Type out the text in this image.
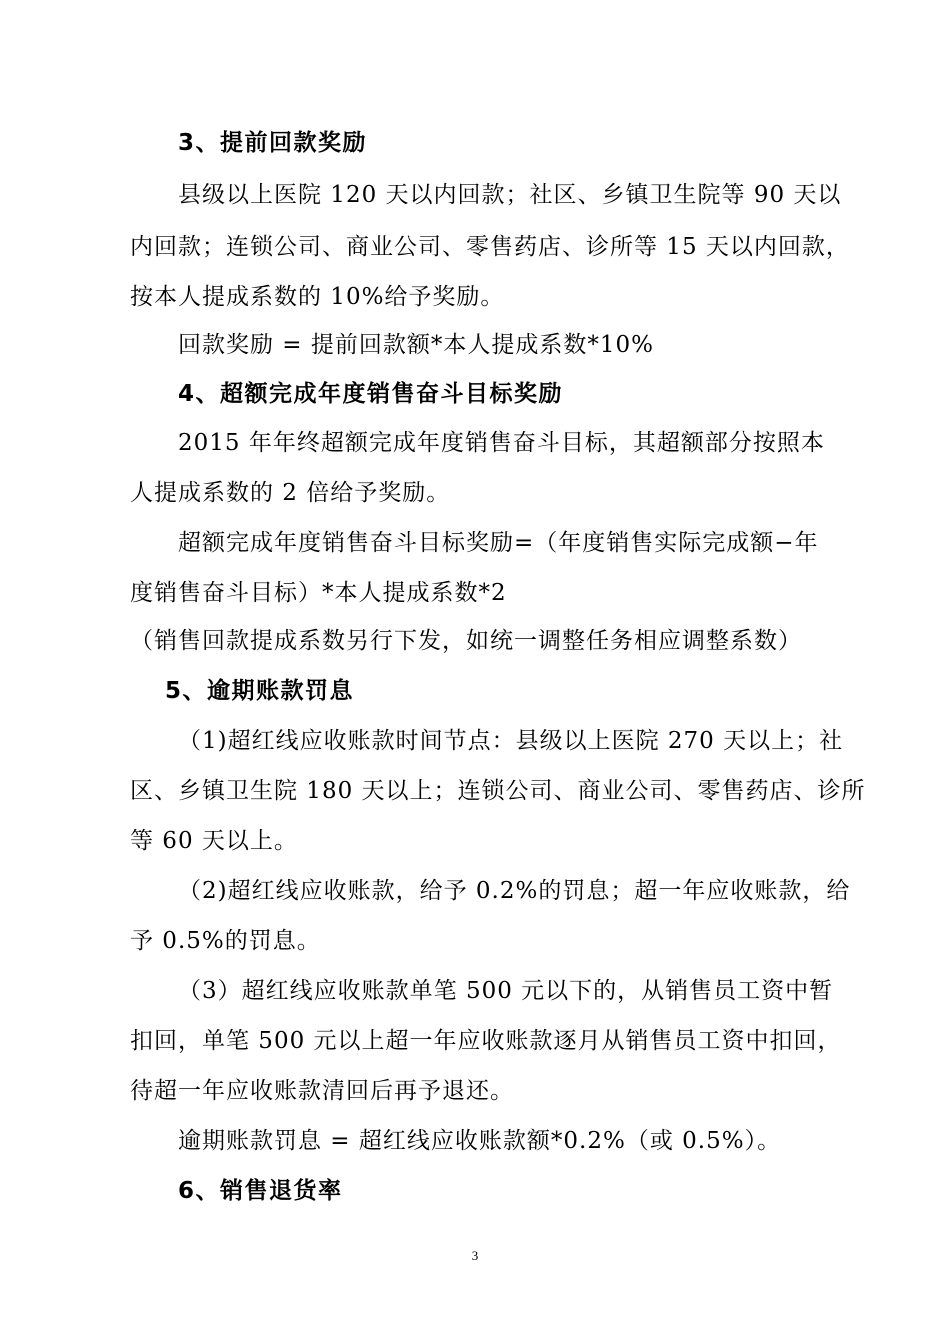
3、提前回款奖励
县级以上医院 120 天以内回款；社区、乡镇卫生院等 90 天以
内回款；连锁公司、商业公司、零售药店、诊所等 15 天以内回款，
按本人提成系数的 10%给予奖励。
回款奖励 = 提前回款额*本人提成系数*10%
4、超额完成年度销售奋斗目标奖励
2015 年年终超额完成年度销售奋斗目标，其超额部分按照本
人提成系数的 2 倍给予奖励。
超额完成年度销售奋斗目标奖励=（年度销售实际完成额−年
度销售奋斗目标）*本人提成系数*2
（销售回款提成系数另行下发，如统一调整任务相应调整系数）
5、逾期账款罚息
（1)超红线应收账款时间节点：县级以上医院 270 天以上；社
区、乡镇卫生院 180 天以上；连锁公司、商业公司、零售药店、诊所
等 60 天以上。
（2)超红线应收账款，给予 0.2%的罚息；超一年应收账款，给
予 0.5%的罚息。
（3）超红线应收账款单笔 500 元以下的，从销售员工资中暂
扣回，单笔 500 元以上超一年应收账款逐月从销售员工资中扣回，
待超一年应收账款清回后再予退还。
逾期账款罚息 = 超红线应收账款额*0.2%（或 0.5%）。
6、销售退货率
3
